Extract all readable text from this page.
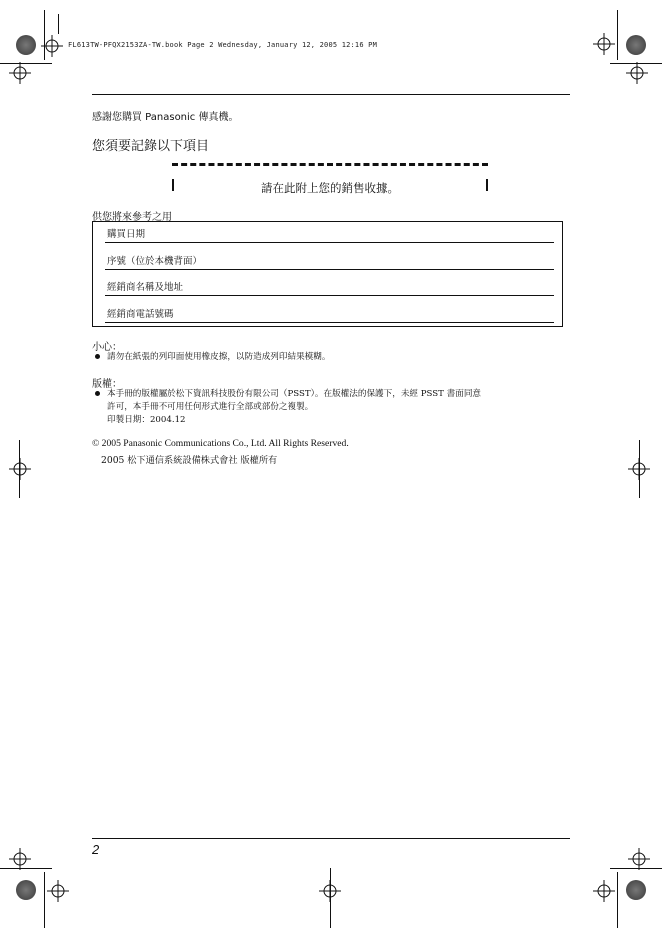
FL613TW-PFQX2153ZA-TW.book Page 2 Wednesday, January 12, 2005 12:16 PM
感謝您購買 Panasonic 傳真機。
您須要記錄以下項目
請在此附上您的銷售收據。
供您將來參考之用
購買日期
序號（位於本機背面）
經銷商名稱及地址
經銷商電話號碼
小心：
請勿在紙張的列印面使用橡皮擦，以防造成列印結果模糊。
版權：
本手冊的版權屬於松下資訊科技股份有限公司（PSST）。在版權法的保護下，未經 PSST 書面同意
許可，本手冊不可用任何形式進行全部或部份之複製。
印製日期：2004.12
© 2005 Panasonic Communications Co., Ltd. All Rights Reserved.
2005 松下通信系統設備株式會社 版權所有
2
